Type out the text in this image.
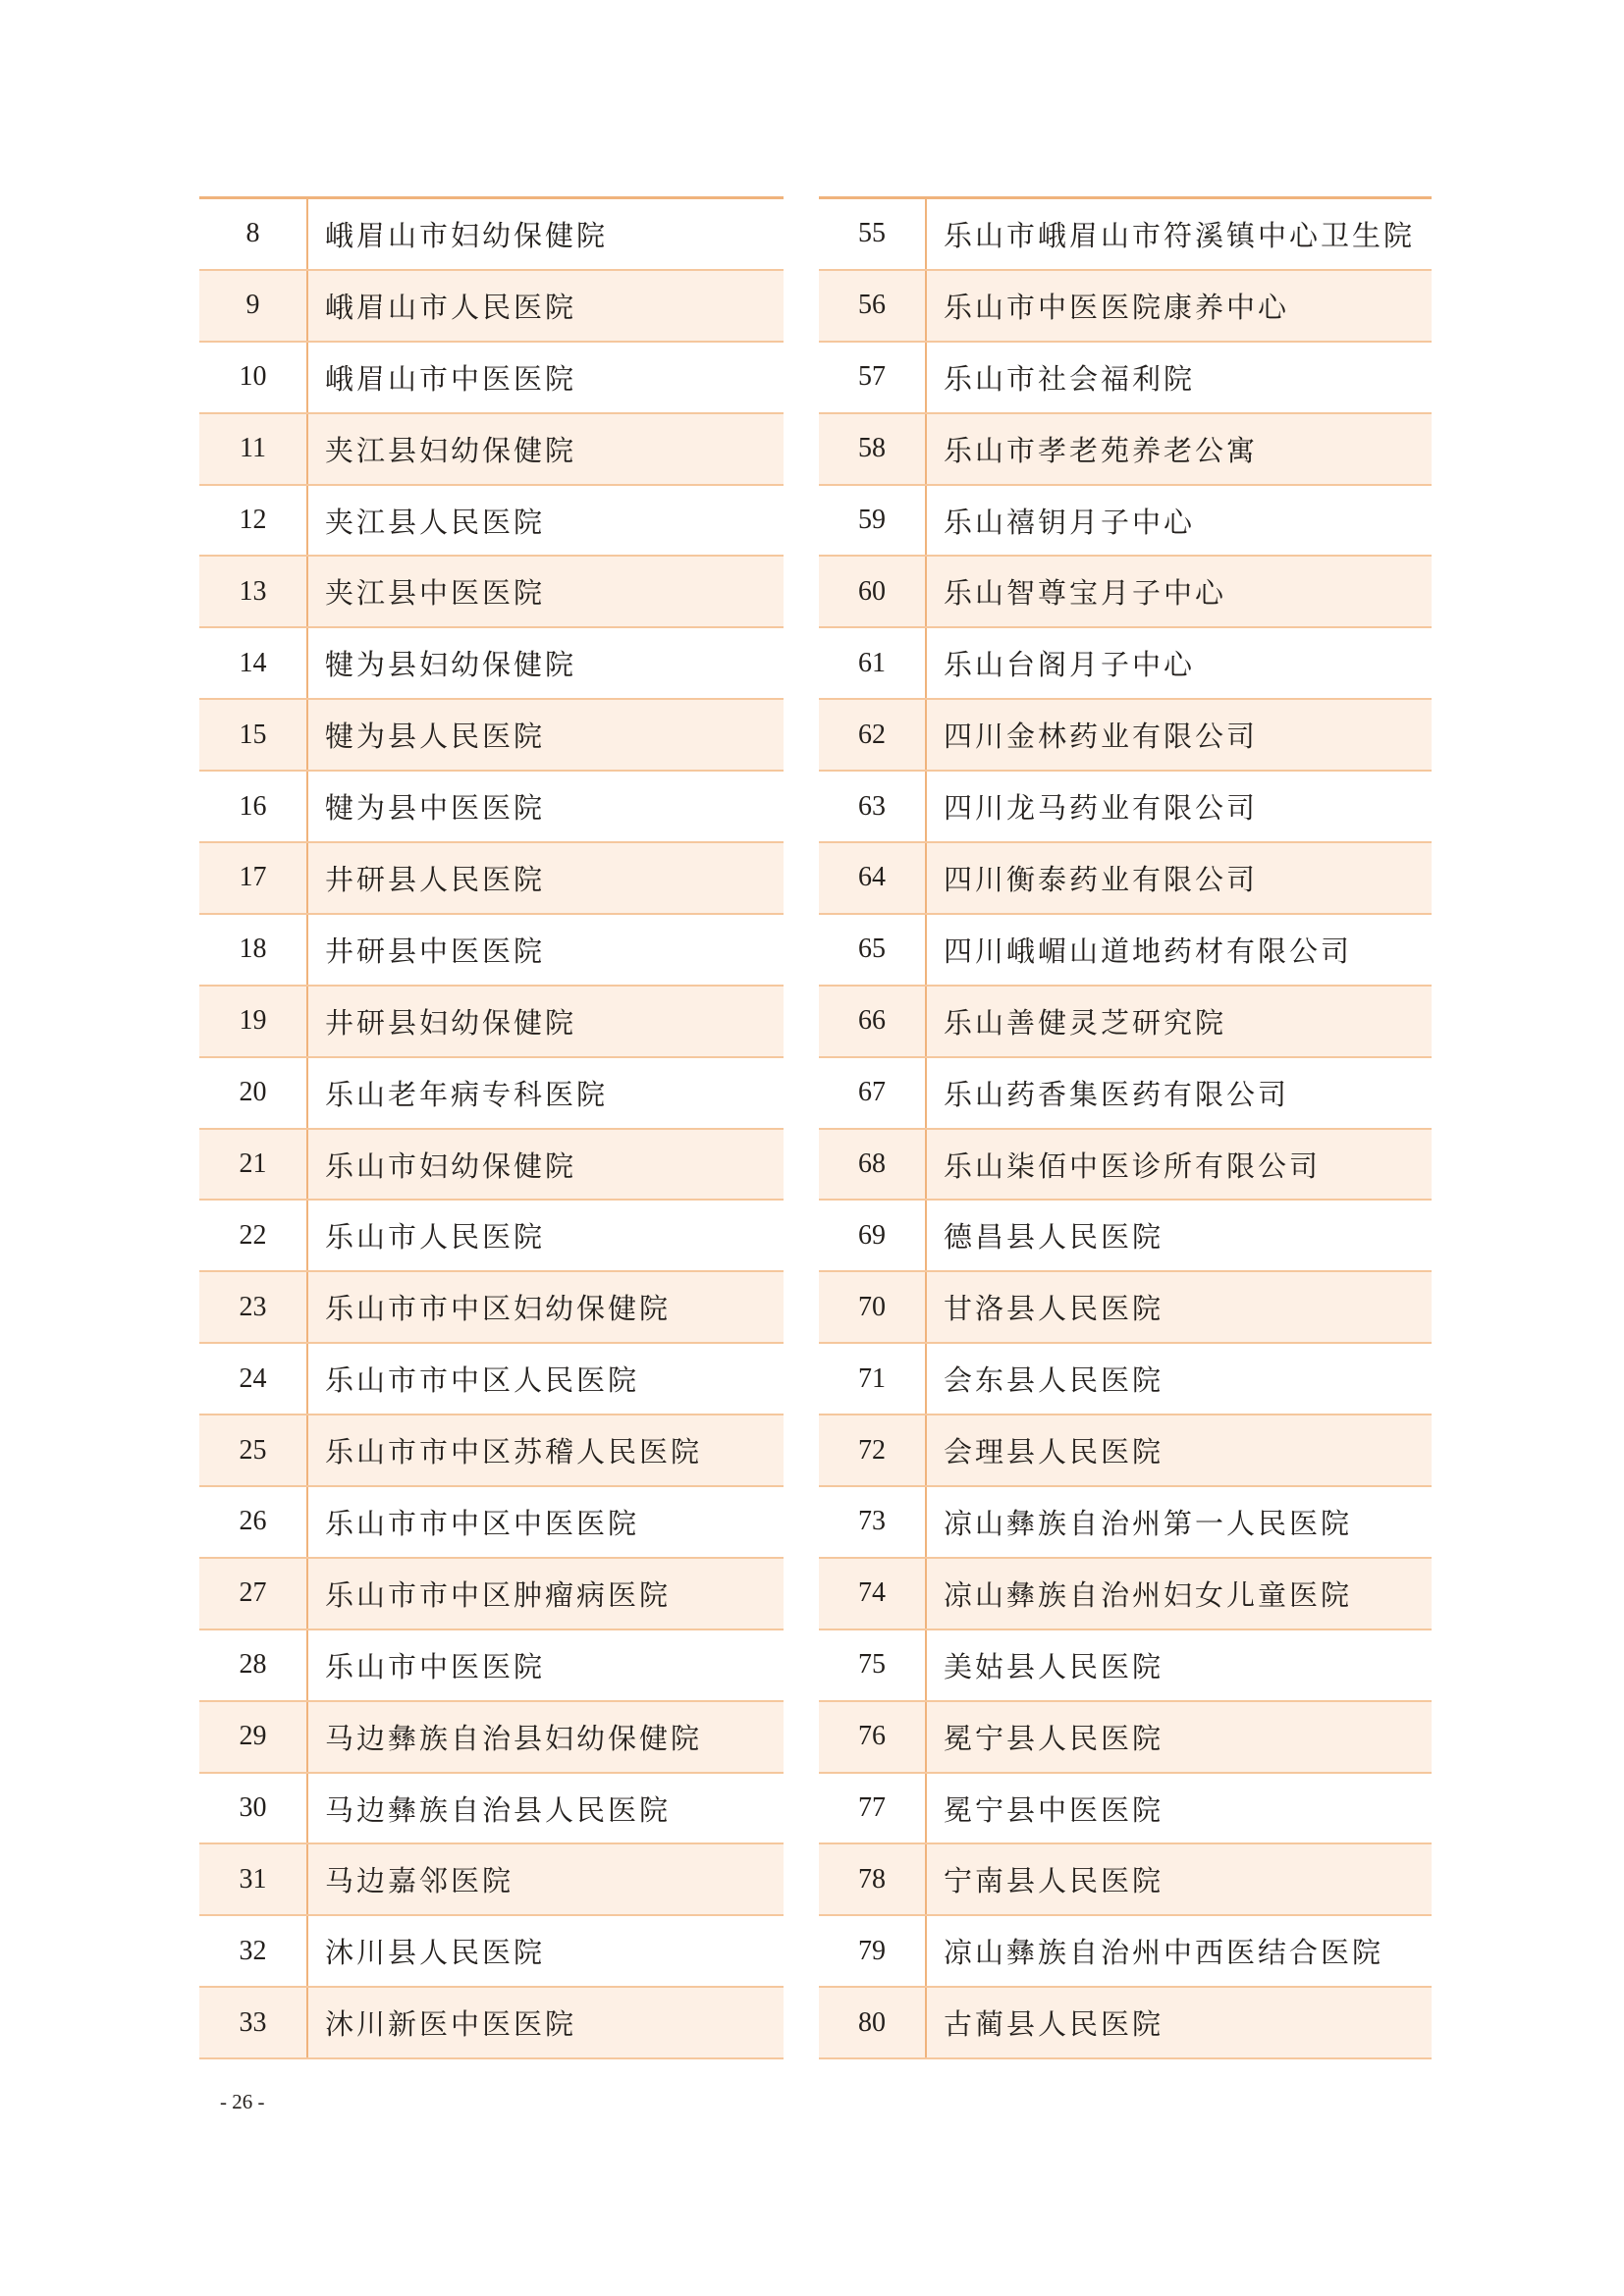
8	峨眉山市妇幼保健院
9	峨眉山市人民医院
10	峨眉山市中医医院
11	夹江县妇幼保健院
12	夹江县人民医院
13	夹江县中医医院
14	犍为县妇幼保健院
15	犍为县人民医院
16	犍为县中医医院
17	井研县人民医院
18	井研县中医医院
19	井研县妇幼保健院
20	乐山老年病专科医院
21	乐山市妇幼保健院
22	乐山市人民医院
23	乐山市市中区妇幼保健院
24	乐山市市中区人民医院
25	乐山市市中区苏稽人民医院
26	乐山市市中区中医医院
27	乐山市市中区肿瘤病医院
28	乐山市中医医院
29	马边彝族自治县妇幼保健院
30	马边彝族自治县人民医院
31	马边嘉邻医院
32	沐川县人民医院
33	沐川新医中医医院
55	乐山市峨眉山市符溪镇中心卫生院
56	乐山市中医医院康养中心
57	乐山市社会福利院
58	乐山市孝老苑养老公寓
59	乐山禧钥月子中心
60	乐山智尊宝月子中心
61	乐山台阁月子中心
62	四川金林药业有限公司
63	四川龙马药业有限公司
64	四川衡泰药业有限公司
65	四川峨嵋山道地药材有限公司
66	乐山善健灵芝研究院
67	乐山药香集医药有限公司
68	乐山柒佰中医诊所有限公司
69	德昌县人民医院
70	甘洛县人民医院
71	会东县人民医院
72	会理县人民医院
73	凉山彝族自治州第一人民医院
74	凉山彝族自治州妇女儿童医院
75	美姑县人民医院
76	冕宁县人民医院
77	冕宁县中医医院
78	宁南县人民医院
79	凉山彝族自治州中西医结合医院
80	古蔺县人民医院
- 26 -
